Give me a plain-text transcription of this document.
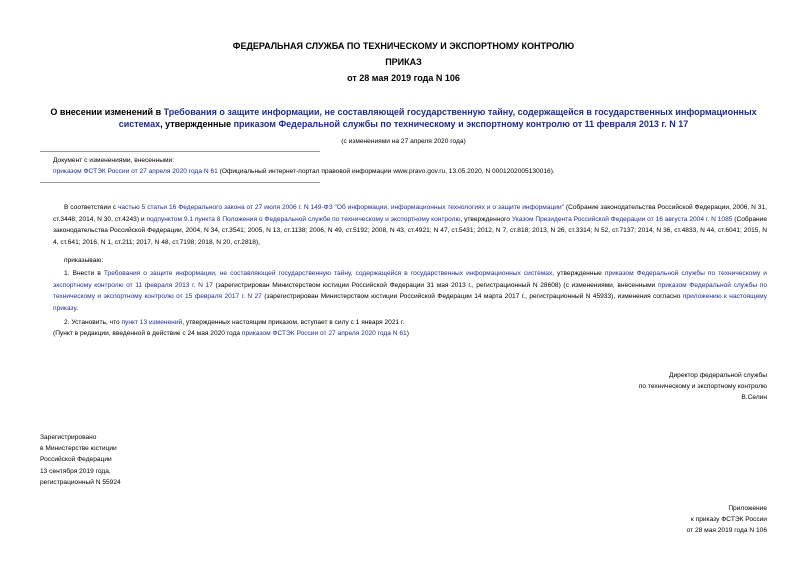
ФЕДЕРАЛЬНАЯ СЛУЖБА ПО ТЕХНИЧЕСКОМУ И ЭКСПОРТНОМУ КОНТРОЛЮ
ПРИКАЗ
от 28 мая 2019 года N 106
О внесении изменений в Требования о защите информации, не составляющей государственную тайну, содержащейся в государственных информационных системах, утвержденные приказом Федеральной службы по техническому и экспортному контролю от 11 февраля 2013 г. N 17
(с изменениями на 27 апреля 2020 года)
Документ с изменениями, внесенными:
приказом ФСТЭК России от 27 апреля 2020 года N 61 (Официальный интернет-портал правовой информации www.pravo.gov.ru, 13.05.2020, N 0001202005130016).
В соответствии с частью 5 статьи 16 Федерального закона от 27 июля 2006 г. N 149-ФЗ "Об информации, информационных технологиях и о защите информации" (Собрание законодательства Российской Федерации, 2006, N 31, ст.3448; 2014, N 30, ст.4243) и подпунктом 9.1 пункта 8 Положения о Федеральной службе по техническому и экспортному контролю, утвержденного Указом Президента Российской Федерации от 16 августа 2004 г. N 1085 (Собрание законодательства Российской Федерации, 2004, N 34, ст.3541; 2005, N 13, ст.1138; 2006, N 49, ст.5192; 2008, N 43, ст.4921; N 47, ст.5431; 2012, N 7, ст.818; 2013, N 26, ст.3314; N 52, ст.7137; 2014, N 36, ст.4833, N 44, ст.6041; 2015, N 4, ст.641; 2016, N 1, ст.211; 2017, N 48, ст.7198; 2018, N 20, ст.2818),
приказываю:
1. Внести в Требования о защите информации, не составляющей государственную тайну, содержащейся в государственных информационных системах, утвержденные приказом Федеральной службы по техническому и экспортному контролю от 11 февраля 2013 г. N 17 (зарегистрирован Министерством юстиции Российской Федерации 31 мая 2013 г., регистрационный N 28608) (с изменениями, внесенными приказом Федеральной службы по техническому и экспортному контролю от 15 февраля 2017 г. N 27 (зарегистрирован Министерством юстиции Российской Федерации 14 марта 2017 г., регистрационный N 45933), изменения согласно приложению к настоящему приказу.
2. Установить, что пункт 13 изменений, утвержденных настоящим приказом, вступает в силу с 1 января 2021 г.
(Пункт в редакции, введенной в действие с 24 мая 2020 года приказом ФСТЭК России от 27 апреля 2020 года N 61)
Директор федеральной службы
по техническому и экспортному контролю
В.Селин
Зарегистрировано
в Министерстве юстиции
Российской Федерации
13 сентября 2019 года,
регистрационный N 55924
Приложение
к приказу ФСТЭК России
от 28 мая 2019 года N 106
